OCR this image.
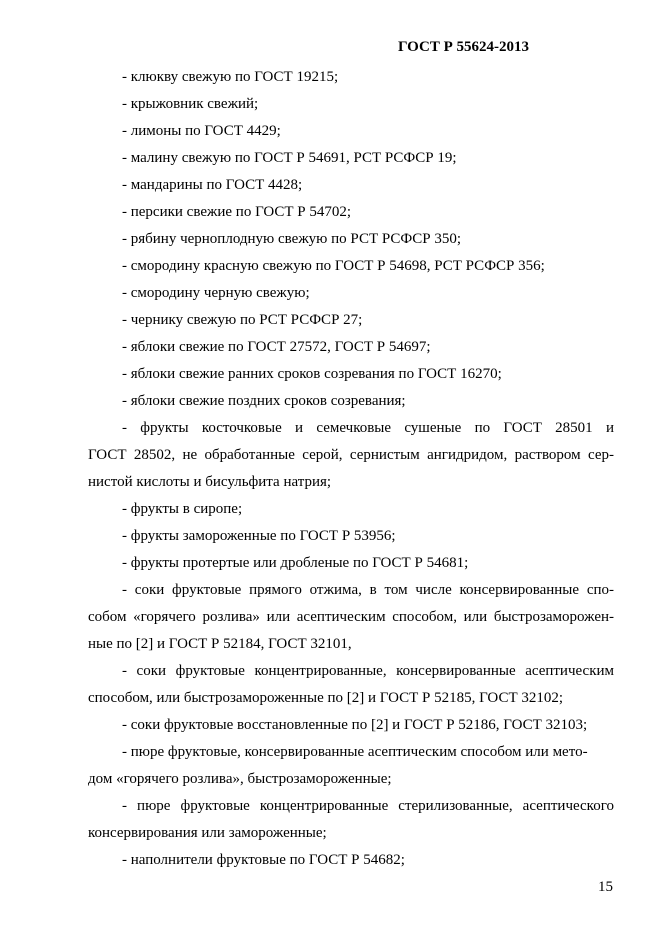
ГОСТ Р 55624-2013
- клюкву свежую по ГОСТ 19215;
- крыжовник свежий;
- лимоны по ГОСТ 4429;
- малину свежую по ГОСТ Р 54691, РСТ РСФСР 19;
- мандарины по ГОСТ 4428;
- персики свежие по ГОСТ Р 54702;
- рябину черноплодную свежую по РСТ РСФСР 350;
- смородину красную свежую по ГОСТ Р 54698, РСТ РСФСР 356;
- смородину черную свежую;
- чернику свежую по РСТ РСФСР 27;
- яблоки свежие по ГОСТ 27572, ГОСТ Р 54697;
- яблоки свежие ранних сроков созревания по ГОСТ 16270;
- яблоки свежие поздних сроков созревания;
- фрукты косточковые и семечковые сушеные по ГОСТ 28501 и
ГОСТ 28502, не обработанные серой, сернистым ангидридом, раствором сер-
нистой кислоты и бисульфита натрия;
- фрукты в сиропе;
- фрукты замороженные по ГОСТ Р 53956;
- фрукты протертые или дробленые по ГОСТ Р 54681;
- соки фруктовые прямого отжима, в том числе консервированные спо-
собом «горячего розлива» или асептическим способом, или быстрозаморожен-
ные по [2] и ГОСТ Р 52184, ГОСТ 32101,
- соки фруктовые концентрированные, консервированные асептическим
способом, или быстрозамороженные по [2] и ГОСТ Р 52185, ГОСТ 32102;
- соки фруктовые восстановленные по [2] и ГОСТ Р 52186, ГОСТ 32103;
- пюре фруктовые, консервированные асептическим способом или мето-
дом «горячего розлива», быстрозамороженные;
- пюре фруктовые концентрированные стерилизованные, асептического
консервирования или замороженные;
- наполнители фруктовые по ГОСТ Р 54682;
15
